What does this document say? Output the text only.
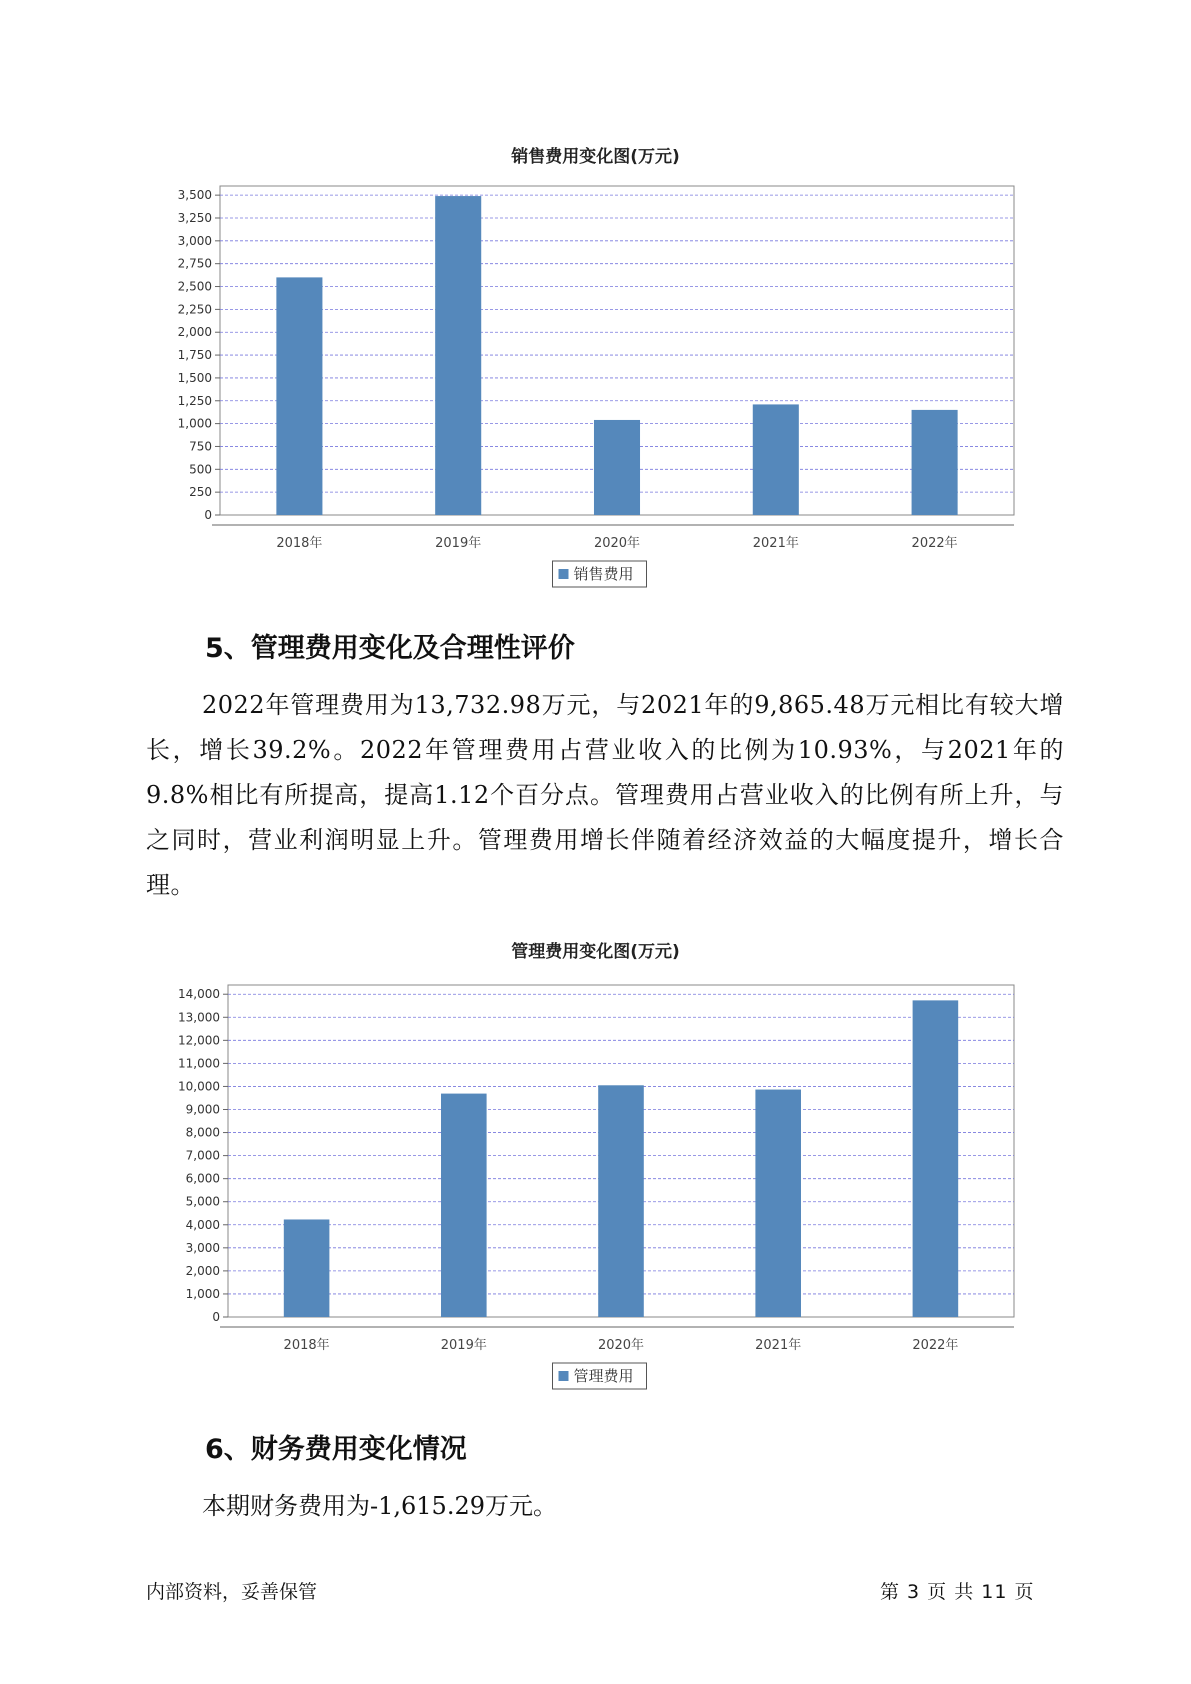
销售费用变化图(万元)
0
250
500
750
1,000
1,250
1,500
1,750
2,000
2,250
2,500
2,750
3,000
3,250
3,500
2018年	2019年	2020年	2021年	2022年
销售费用
5、管理费用变化及合理性评价

2022年管理费用为13,732.98万元，与2021年的9,865.48万元相比有较大增长，增长39.2%。2022年管理费用占营业收入的比例为10.93%，与2021年的9.8%相比有所提高，提高1.12个百分点。管理费用占营业收入的比例有所上升，与之同时，营业利润明显上升。管理费用增长伴随着经济效益的大幅度提升，增长合理。

管理费用变化图(万元)
0
1,000
2,000
3,000
4,000
5,000
6,000
7,000
8,000
9,000
10,000
11,000
12,000
13,000
14,000
2018年	2019年	2020年	2021年	2022年
管理费用
6、财务费用变化情况

本期财务费用为-1,615.29万元。

内部资料，妥善保管	第 3 页 共 11 页
